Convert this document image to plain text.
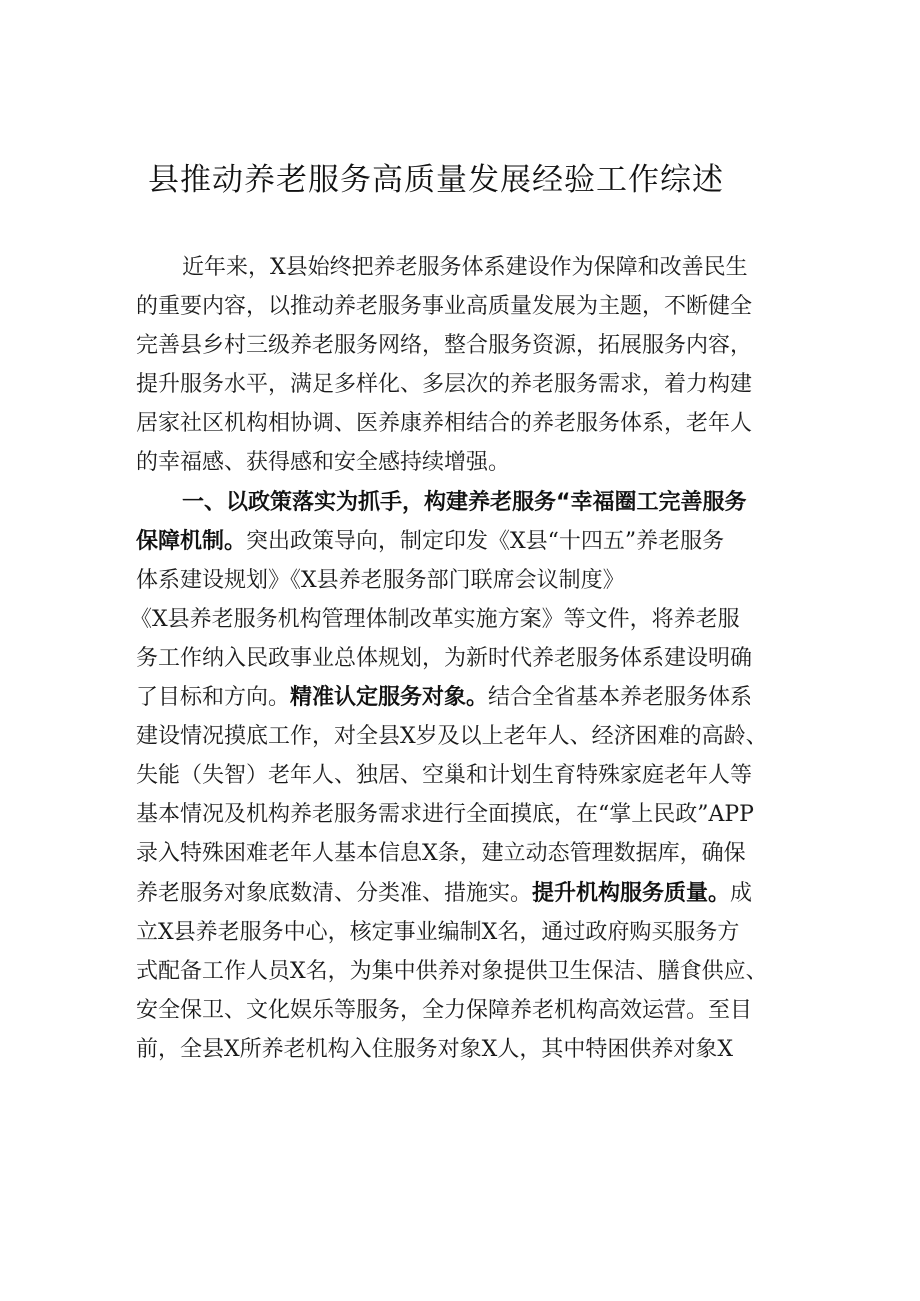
县推动养老服务高质量发展经验工作综述
近年来，X县始终把养老服务体系建设作为保障和改善民生
的重要内容，以推动养老服务事业高质量发展为主题，不断健全
完善县乡村三级养老服务网络，整合服务资源，拓展服务内容，
提升服务水平，满足多样化、多层次的养老服务需求，着力构建
居家社区机构相协调、医养康养相结合的养老服务体系，老年人
的幸福感、获得感和安全感持续增强。
一、以政策落实为抓手，构建养老服务“幸福圈工完善服务
保障机制。突出政策导向，制定印发《X县“十四五”养老服务
体系建设规划》《X县养老服务部门联席会议制度》
《X县养老服务机构管理体制改革实施方案》等文件，将养老服
务工作纳入民政事业总体规划，为新时代养老服务体系建设明确
了目标和方向。精准认定服务对象。结合全省基本养老服务体系
建设情况摸底工作，对全县X岁及以上老年人、经济困难的高龄、
失能（失智）老年人、独居、空巢和计划生育特殊家庭老年人等
基本情况及机构养老服务需求进行全面摸底，在“掌上民政”APP
录入特殊困难老年人基本信息X条，建立动态管理数据库，确保
养老服务对象底数清、分类准、措施实。提升机构服务质量。成
立X县养老服务中心，核定事业编制X名，通过政府购买服务方
式配备工作人员X名，为集中供养对象提供卫生保洁、膳食供应、
安全保卫、文化娱乐等服务，全力保障养老机构高效运营。至目
前，全县X所养老机构入住服务对象X人，其中特困供养对象X
